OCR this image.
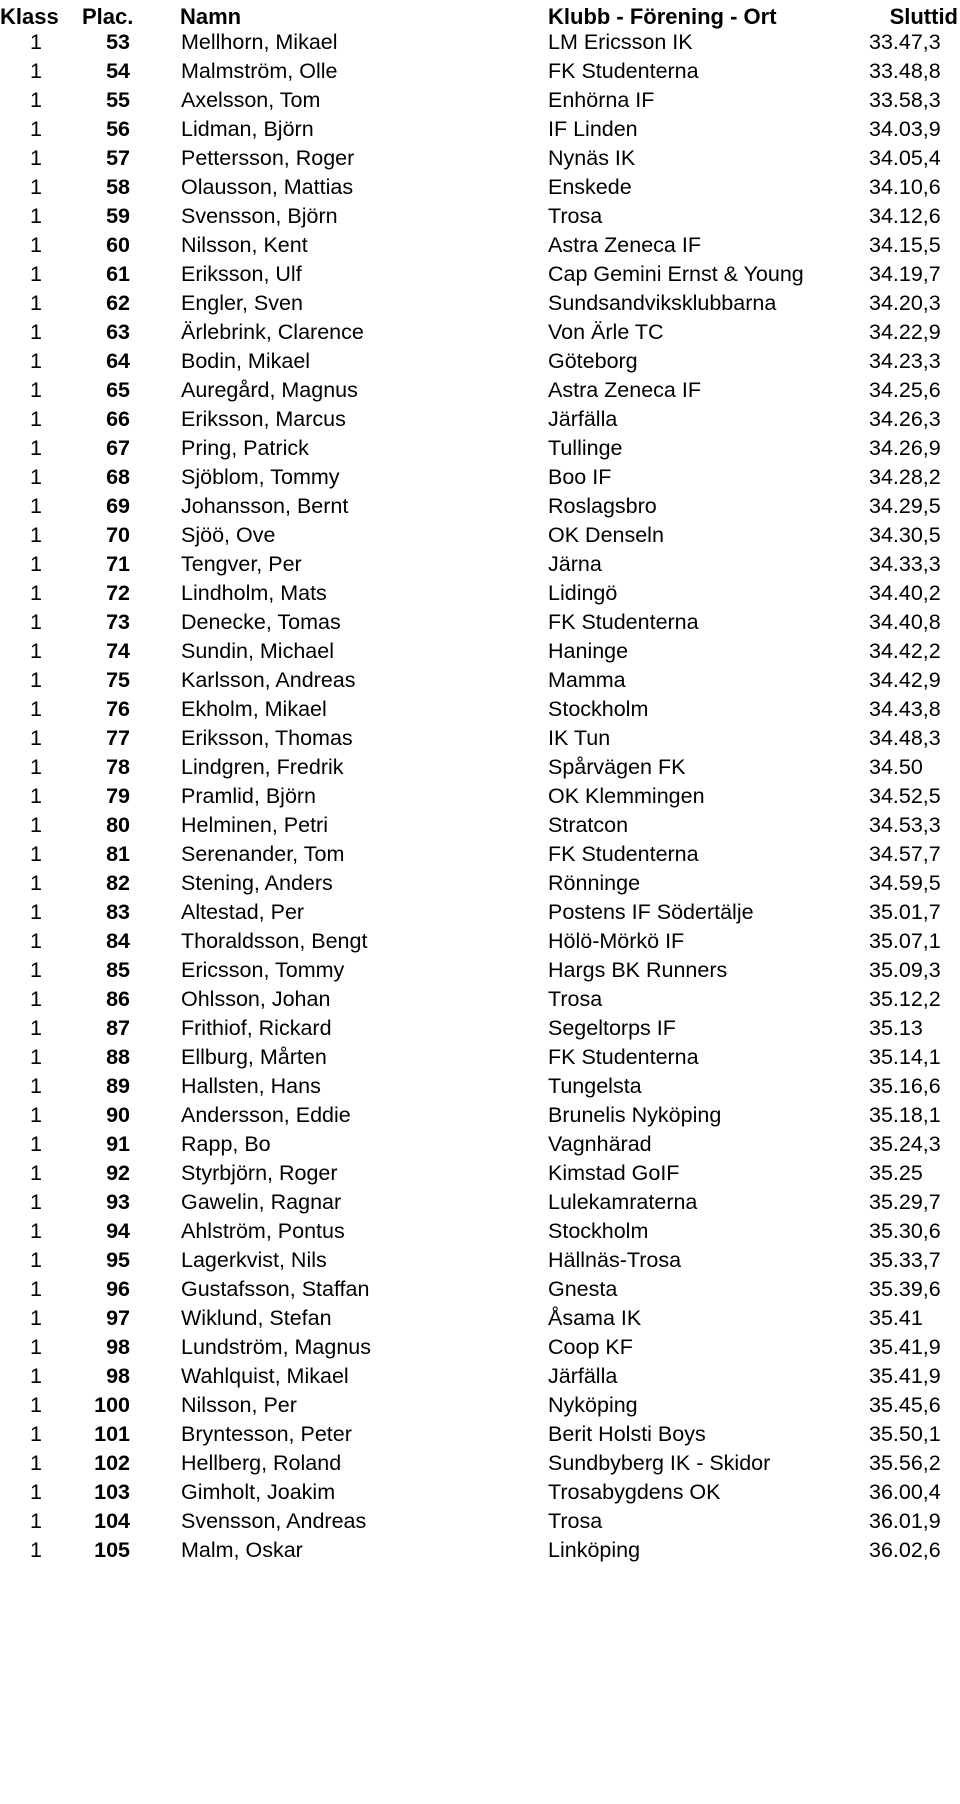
Klass Plac. Namn	Klubb - Förening - Ort	Sluttid
1	53 Mellhorn, Mikael	LM Ericsson IK	33.47,3
1	54 Malmström, Olle	FK Studenterna	33.48,8
1	55 Axelsson, Tom	Enhörna IF	33.58,3
1	56 Lidman, Björn	IF Linden	34.03,9
1	57 Pettersson, Roger	Nynäs IK	34.05,4
1	58 Olausson, Mattias	Enskede	34.10,6
1	59 Svensson, Björn	Trosa	34.12,6
1	60 Nilsson, Kent	Astra Zeneca IF	34.15,5
1	61 Eriksson, Ulf	Cap Gemini Ernst & Young	34.19,7
1	62 Engler, Sven	Sundsandviksklubbarna	34.20,3
1	63 Ärlebrink, Clarence	Von Ärle TC	34.22,9
1	64 Bodin, Mikael	Göteborg	34.23,3
1	65 Auregård, Magnus	Astra Zeneca IF	34.25,6
1	66 Eriksson, Marcus	Järfälla	34.26,3
1	67 Pring, Patrick	Tullinge	34.26,9
1	68 Sjöblom, Tommy	Boo IF	34.28,2
1	69 Johansson, Bernt	Roslagsbro	34.29,5
1	70 Sjöö, Ove	OK Denseln	34.30,5
1	71 Tengver, Per	Järna	34.33,3
1	72 Lindholm, Mats	Lidingö	34.40,2
1	73 Denecke, Tomas	FK Studenterna	34.40,8
1	74 Sundin, Michael	Haninge	34.42,2
1	75 Karlsson, Andreas	Mamma	34.42,9
1	76 Ekholm, Mikael	Stockholm	34.43,8
1	77 Eriksson, Thomas	IK Tun	34.48,3
1	78 Lindgren, Fredrik	Spårvägen FK	34.50
1	79 Pramlid, Björn	OK Klemmingen	34.52,5
1	80 Helminen, Petri	Stratcon	34.53,3
1	81 Serenander, Tom	FK Studenterna	34.57,7
1	82 Stening, Anders	Rönninge	34.59,5
1	83 Altestad, Per	Postens IF Södertälje	35.01,7
1	84 Thoraldsson, Bengt	Hölö-Mörkö IF	35.07,1
1	85 Ericsson, Tommy	Hargs BK Runners	35.09,3
1	86 Ohlsson, Johan	Trosa	35.12,2
1	87 Frithiof, Rickard	Segeltorps IF	35.13
1	88 Ellburg, Mårten	FK Studenterna	35.14,1
1	89 Hallsten, Hans	Tungelsta	35.16,6
1	90 Andersson, Eddie	Brunelis Nyköping	35.18,1
1	91 Rapp, Bo	Vagnhärad	35.24,3
1	92 Styrbjörn, Roger	Kimstad GoIF	35.25
1	93 Gawelin, Ragnar	Lulekamraterna	35.29,7
1	94 Ahlström, Pontus	Stockholm	35.30,6
1	95 Lagerkvist, Nils	Hällnäs-Trosa	35.33,7
1	96 Gustafsson, Staffan	Gnesta	35.39,6
1	97 Wiklund, Stefan	Åsama IK	35.41
1	98 Lundström, Magnus	Coop KF	35.41,9
1	98 Wahlquist, Mikael	Järfälla	35.41,9
1 100 Nilsson, Per	Nyköping	35.45,6
1 101 Bryntesson, Peter	Berit Holsti Boys	35.50,1
1 102 Hellberg, Roland	Sundbyberg IK - Skidor	35.56,2
1 103 Gimholt, Joakim	Trosabygdens OK	36.00,4
1 104 Svensson, Andreas	Trosa	36.01,9
1 105 Malm, Oskar	Linköping	36.02,6
